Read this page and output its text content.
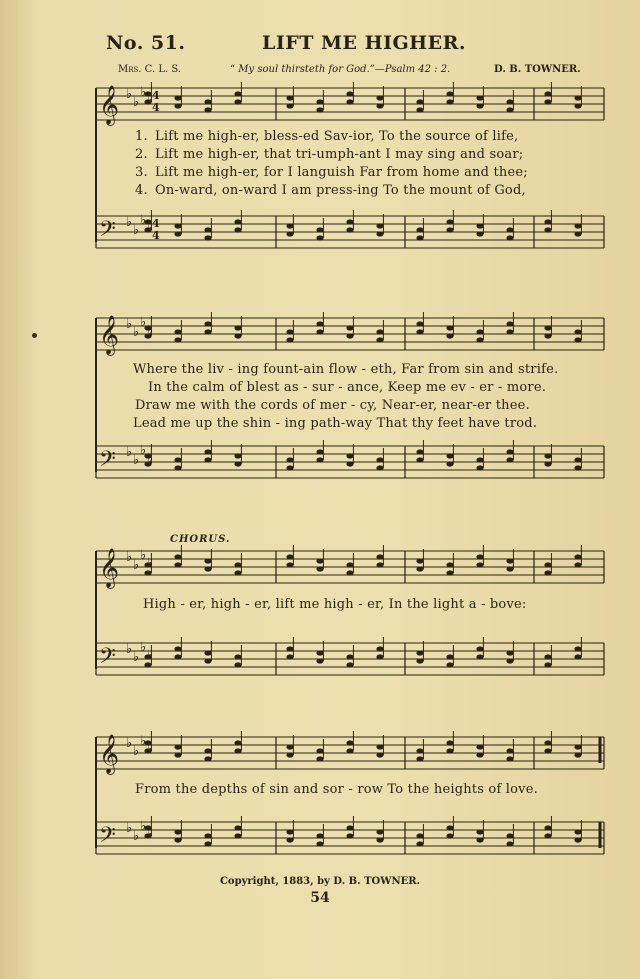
No. 51.	LIFT ME HIGHER.
Mrs. C. L. S.	“ My soul thirsteth for God.”—Psalm 42 : 2.	D. B. TOWNER.
𝄞 ♭
♭
♭
♭
𝄢 ♭
♭
♭
♭
𝄞 ♭
♭
♭
♭
𝄢 ♭
♭
♭
♭
𝄞 ♭
♭
♭
♭
𝄢 ♭
♭
♭
♭
𝄞 ♭
♭
♭
♭
𝄢 ♭
♭
♭
♭
4
4
4
4
1. Lift me high-er, bless-ed Sav-ior, To the source of life,
2. Lift me high-er, that tri-umph-ant I may sing and soar;
3. Lift me high-er, for I languish Far from home and thee;
4. On-ward, on-ward I am press-ing To the mount of God,
Where the liv - ing fount-ain flow - eth, Far from sin and strife.
In the calm of blest as - sur - ance, Keep me ev - er - more.
Draw me with the cords of mer - cy, Near-er, near-er thee.
Lead me up the shin - ing path-way That thy feet have trod.
CHORUS.
High - er, high - er, lift me high - er, In the light a - bove:
From the depths of sin and sor - row To the heights of love.
Copyright, 1883, by D. B. TOWNER.
54
